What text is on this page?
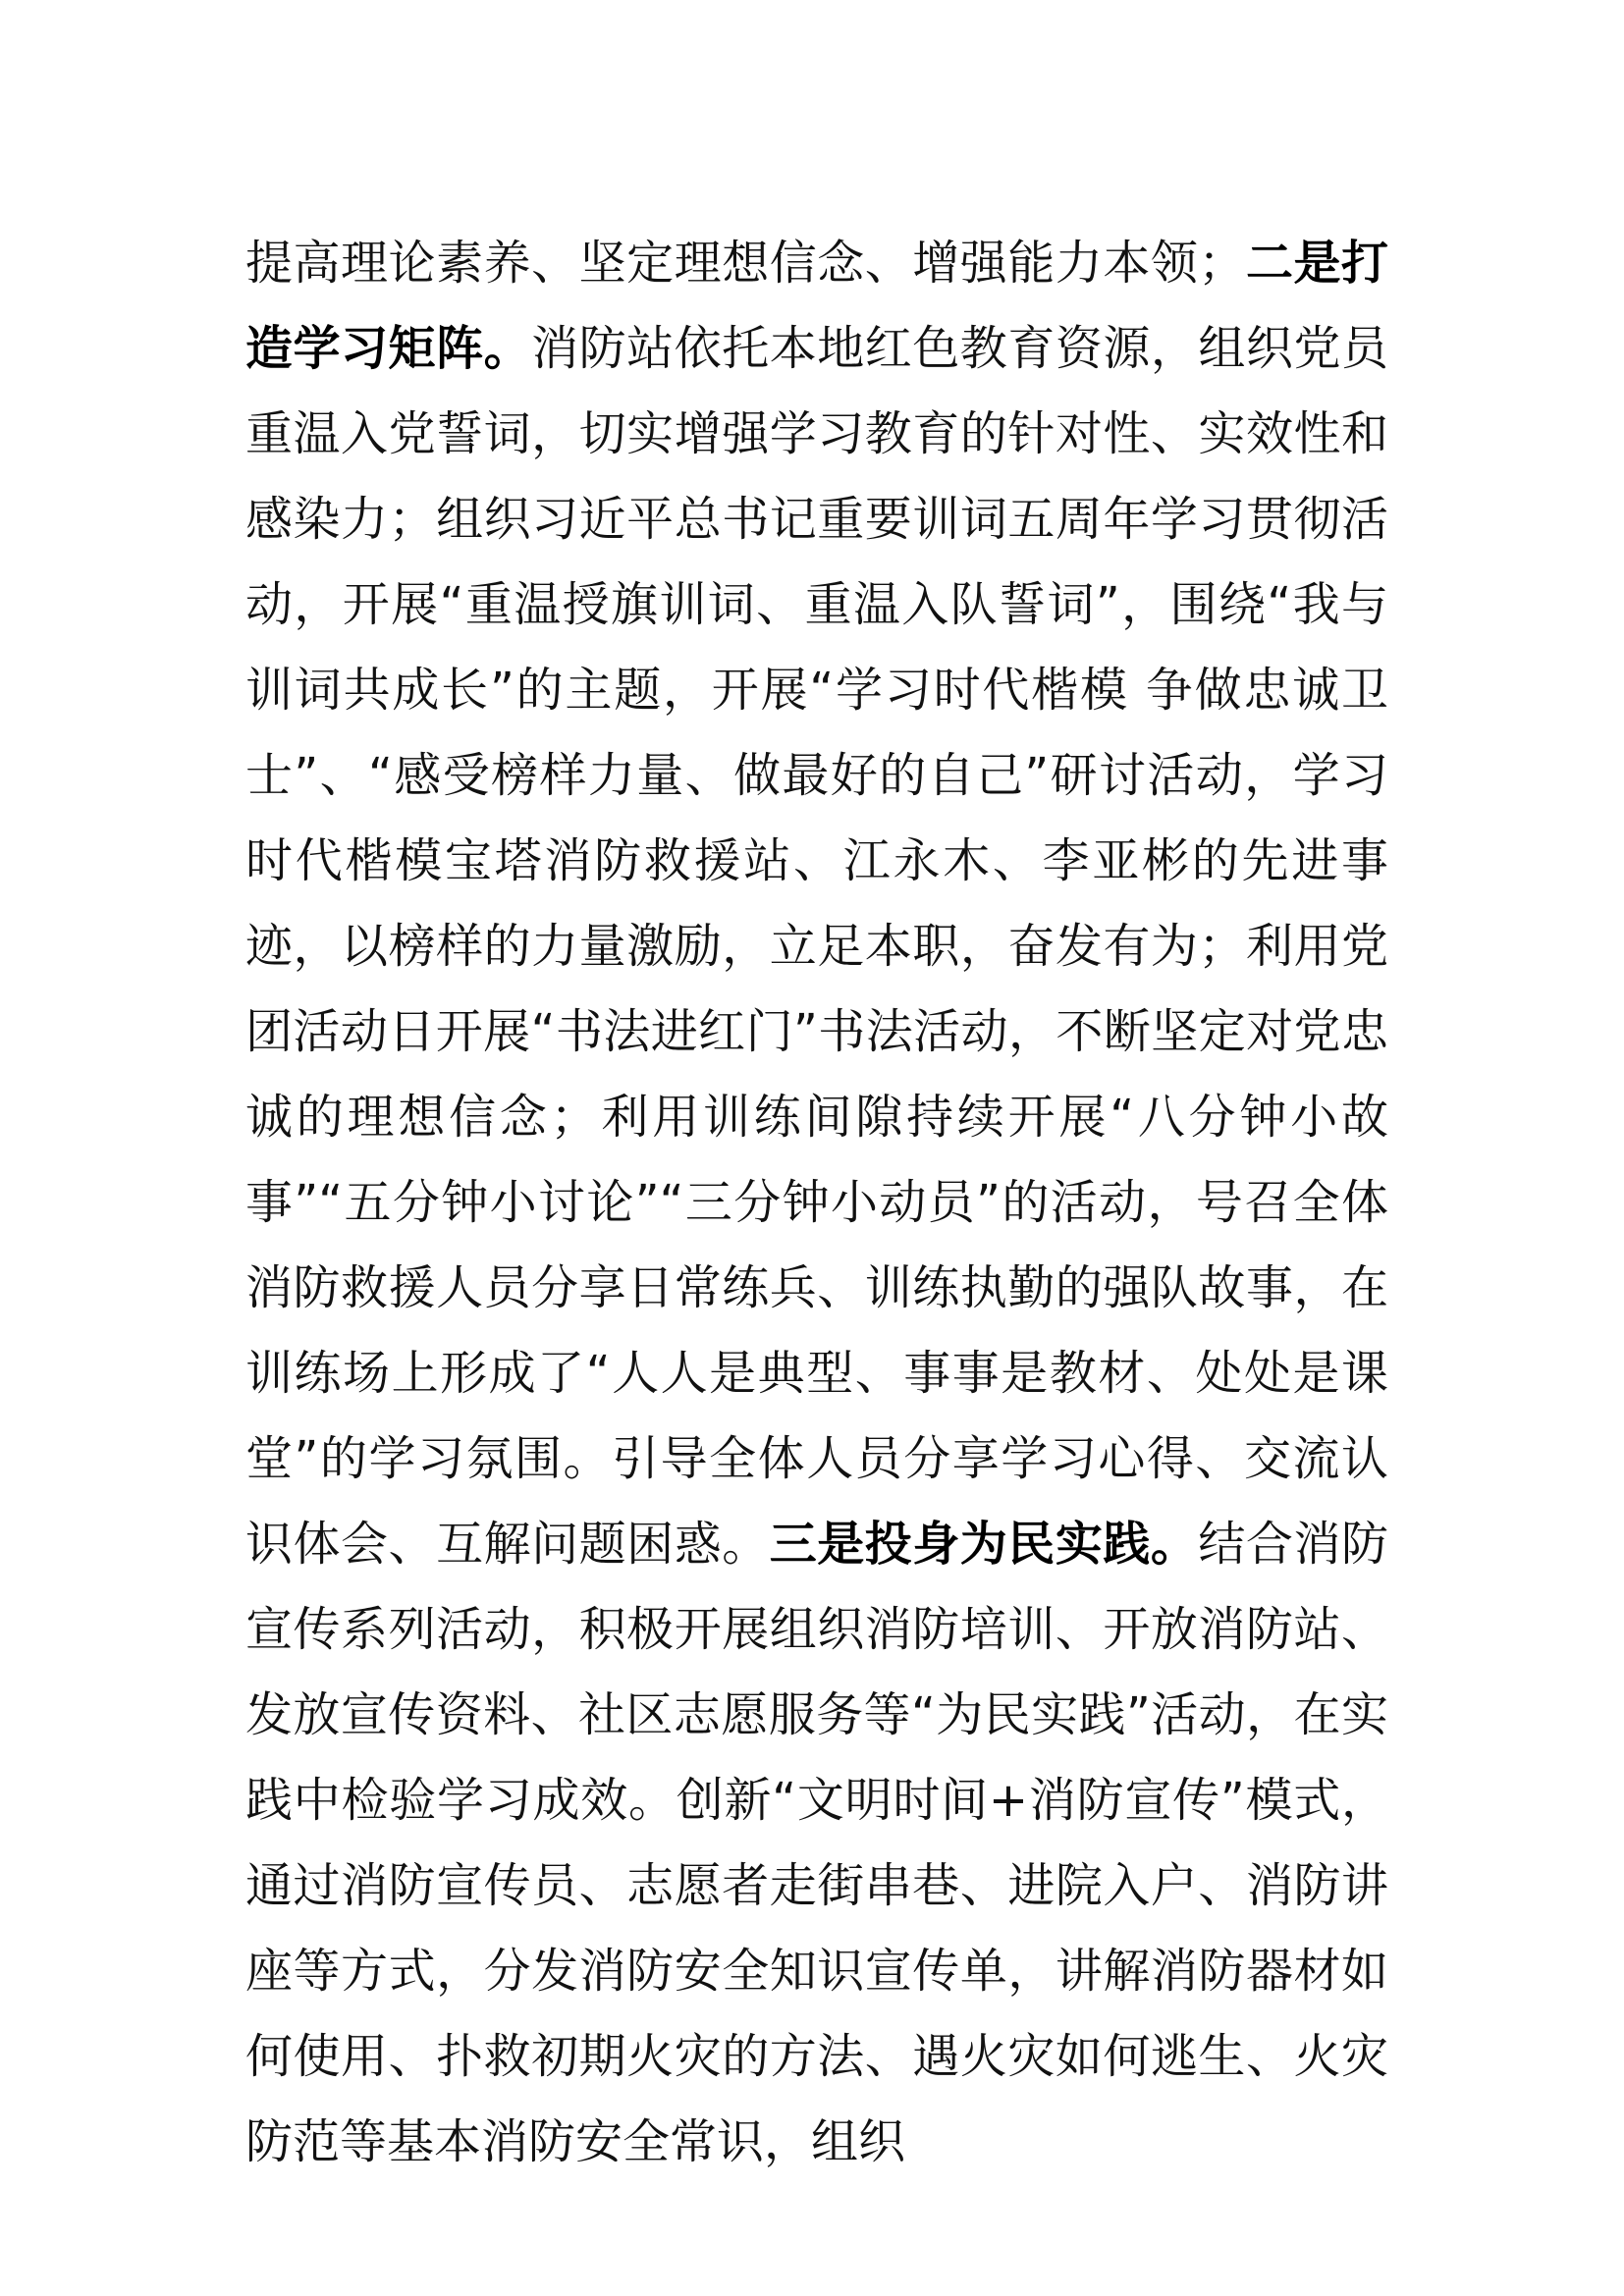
提高理论素养、坚定理想信念、增强能力本领；二是打造学习矩阵。消防站依托本地红色教育资源，组织党员重温入党誓词，切实增强学习教育的针对性、实效性和感染力；组织习近平总书记重要训词五周年学习贯彻活动，开展“重温授旗训词、重温入队誓词”，围绕“我与训词共成长”的主题，开展“学习时代楷模 争做忠诚卫士”、“感受榜样力量、做最好的自己”研讨活动，学习时代楷模宝塔消防救援站、江永木、李亚彬的先进事迹，以榜样的力量激励，立足本职，奋发有为；利用党团活动日开展“书法进红门”书法活动，不断坚定对党忠诚的理想信念；利用训练间隙持续开展“八分钟小故事”“五分钟小讨论”“三分钟小动员”的活动，号召全体消防救援人员分享日常练兵、训练执勤的强队故事，在训练场上形成了“人人是典型、事事是教材、处处是课堂”的学习氛围。引导全体人员分享学习心得、交流认识体会、互解问题困惑。三是投身为民实践。结合消防宣传系列活动，积极开展组织消防培训、开放消防站、发放宣传资料、社区志愿服务等“为民实践”活动，在实践中检验学习成效。创新“文明时间+消防宣传”模式，通过消防宣传员、志愿者走街串巷、进院入户、消防讲座等方式，分发消防安全知识宣传单，讲解消防器材如何使用、扑救初期火灾的方法、遇火灾如何逃生、火灾防范等基本消防安全常识，组织
